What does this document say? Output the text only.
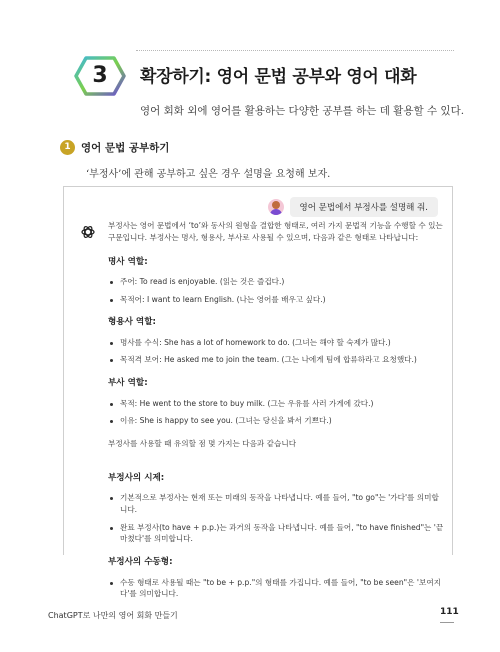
3	확장하기: 영어 문법 공부와 영어 대화
영어 회화 외에 영어를 활용하는 다양한 공부를 하는 데 활용할 수 있다.
1 영어 문법 공부하기
‘부정사’에 관해 공부하고 싶은 경우 설명을 요청해 보자.
영어 문법에서 부정사를 설명해 줘.

부정사는 영어 문법에서 ‘to’와 동사의 원형을 결합한 형태로, 여러 가지 문법적 기능을 수행할 수 있는 구문입니다. 부정사는 명사, 형용사, 부사로 사용될 수 있으며, 다음과 같은 형태로 나타납니다:

명사 역할:
주어: To read is enjoyable. (읽는 것은 즐겁다.)
목적어: I want to learn English. (나는 영어를 배우고 싶다.)
형용사 역할:
명사를 수식: She has a lot of homework to do. (그녀는 해야 할 숙제가 많다.)
목적격 보어: He asked me to join the team. (그는 나에게 팀에 합류하라고 요청했다.)
부사 역할:
목적: He went to the store to buy milk. (그는 우유를 사러 가게에 갔다.)
이유: She is happy to see you. (그녀는 당신을 봐서 기쁘다.)

부정사를 사용할 때 유의할 점 몇 가지는 다음과 같습니다

부정사의 시제:
기본적으로 부정사는 현재 또는 미래의 동작을 나타냅니다. 예를 들어, "to go"는 '가다'를 의미합니다.
완료 부정사(to have + p.p.)는 과거의 동작을 나타냅니다. 예를 들어, "to have finished"는 '끝마쳤다'를 의미합니다.
부정사의 수동형:
수동 형태로 사용될 때는 "to be + p.p."의 형태를 가집니다. 예를 들어, "to be seen"은 '보여지다'를 의미합니다.
ChatGPT로 나만의 영어 회화 만들기	111
